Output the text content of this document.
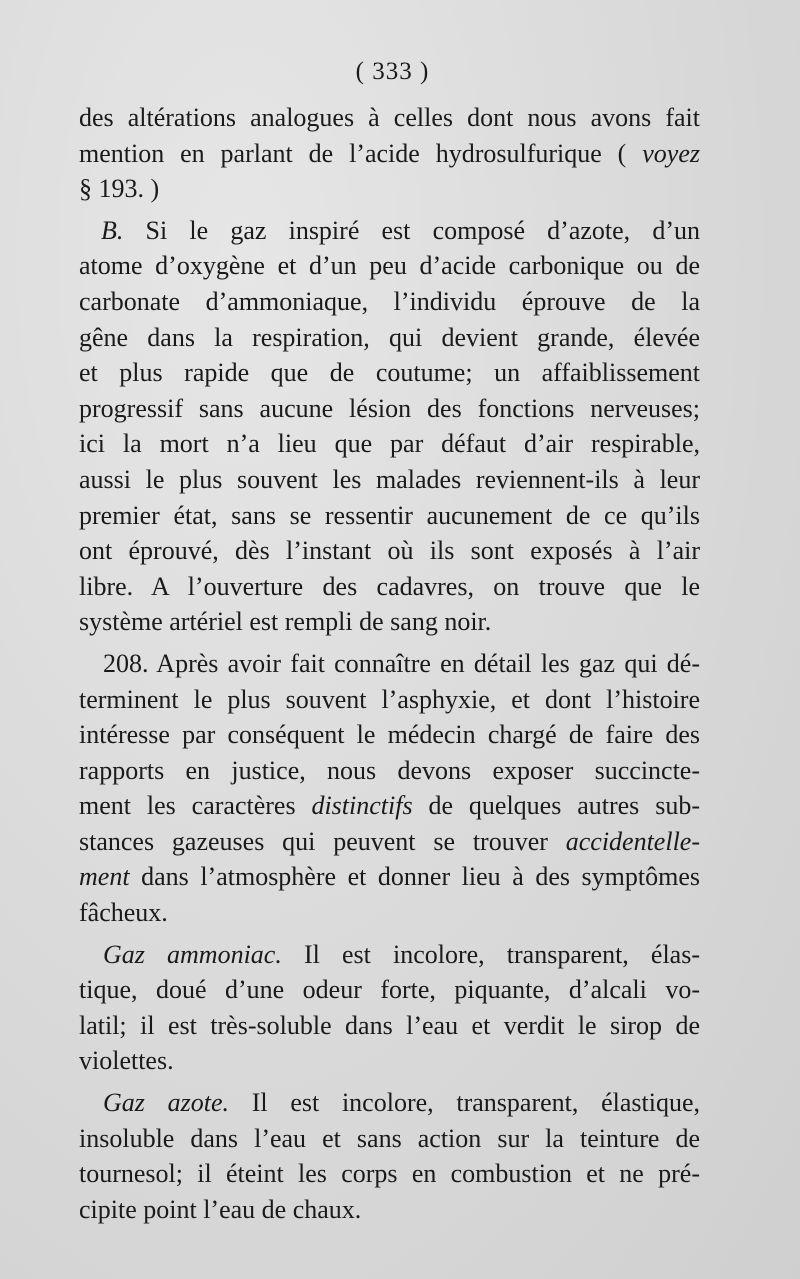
( 333 )
des altérations analogues à celles dont nous avons fait
mention en parlant de l’acide hydrosulfurique ( voyez
§ 193. )
B. Si le gaz inspiré est composé d’azote, d’un
atome d’oxygène et d’un peu d’acide carbonique ou de
carbonate d’ammoniaque, l’individu éprouve de la
gêne dans la respiration, qui devient grande, élevée
et plus rapide que de coutume; un affaiblissement
progressif sans aucune lésion des fonctions nerveuses;
ici la mort n’a lieu que par défaut d’air respirable,
aussi le plus souvent les malades reviennent-ils à leur
premier état, sans se ressentir aucunement de ce qu’ils
ont éprouvé, dès l’instant où ils sont exposés à l’air
libre. A l’ouverture des cadavres, on trouve que le
système artériel est rempli de sang noir.
208. Après avoir fait connaître en détail les gaz qui dé-
terminent le plus souvent l’asphyxie, et dont l’histoire
intéresse par conséquent le médecin chargé de faire des
rapports en justice, nous devons exposer succincte-
ment les caractères distinctifs de quelques autres sub-
stances gazeuses qui peuvent se trouver accidentelle-
ment dans l’atmosphère et donner lieu à des symptômes
fâcheux.
Gaz ammoniac. Il est incolore, transparent, élas-
tique, doué d’une odeur forte, piquante, d’alcali vo-
latil; il est très-soluble dans l’eau et verdit le sirop de
violettes.
Gaz azote. Il est incolore, transparent, élastique,
insoluble dans l’eau et sans action sur la teinture de
tournesol; il éteint les corps en combustion et ne pré-
cipite point l’eau de chaux.
